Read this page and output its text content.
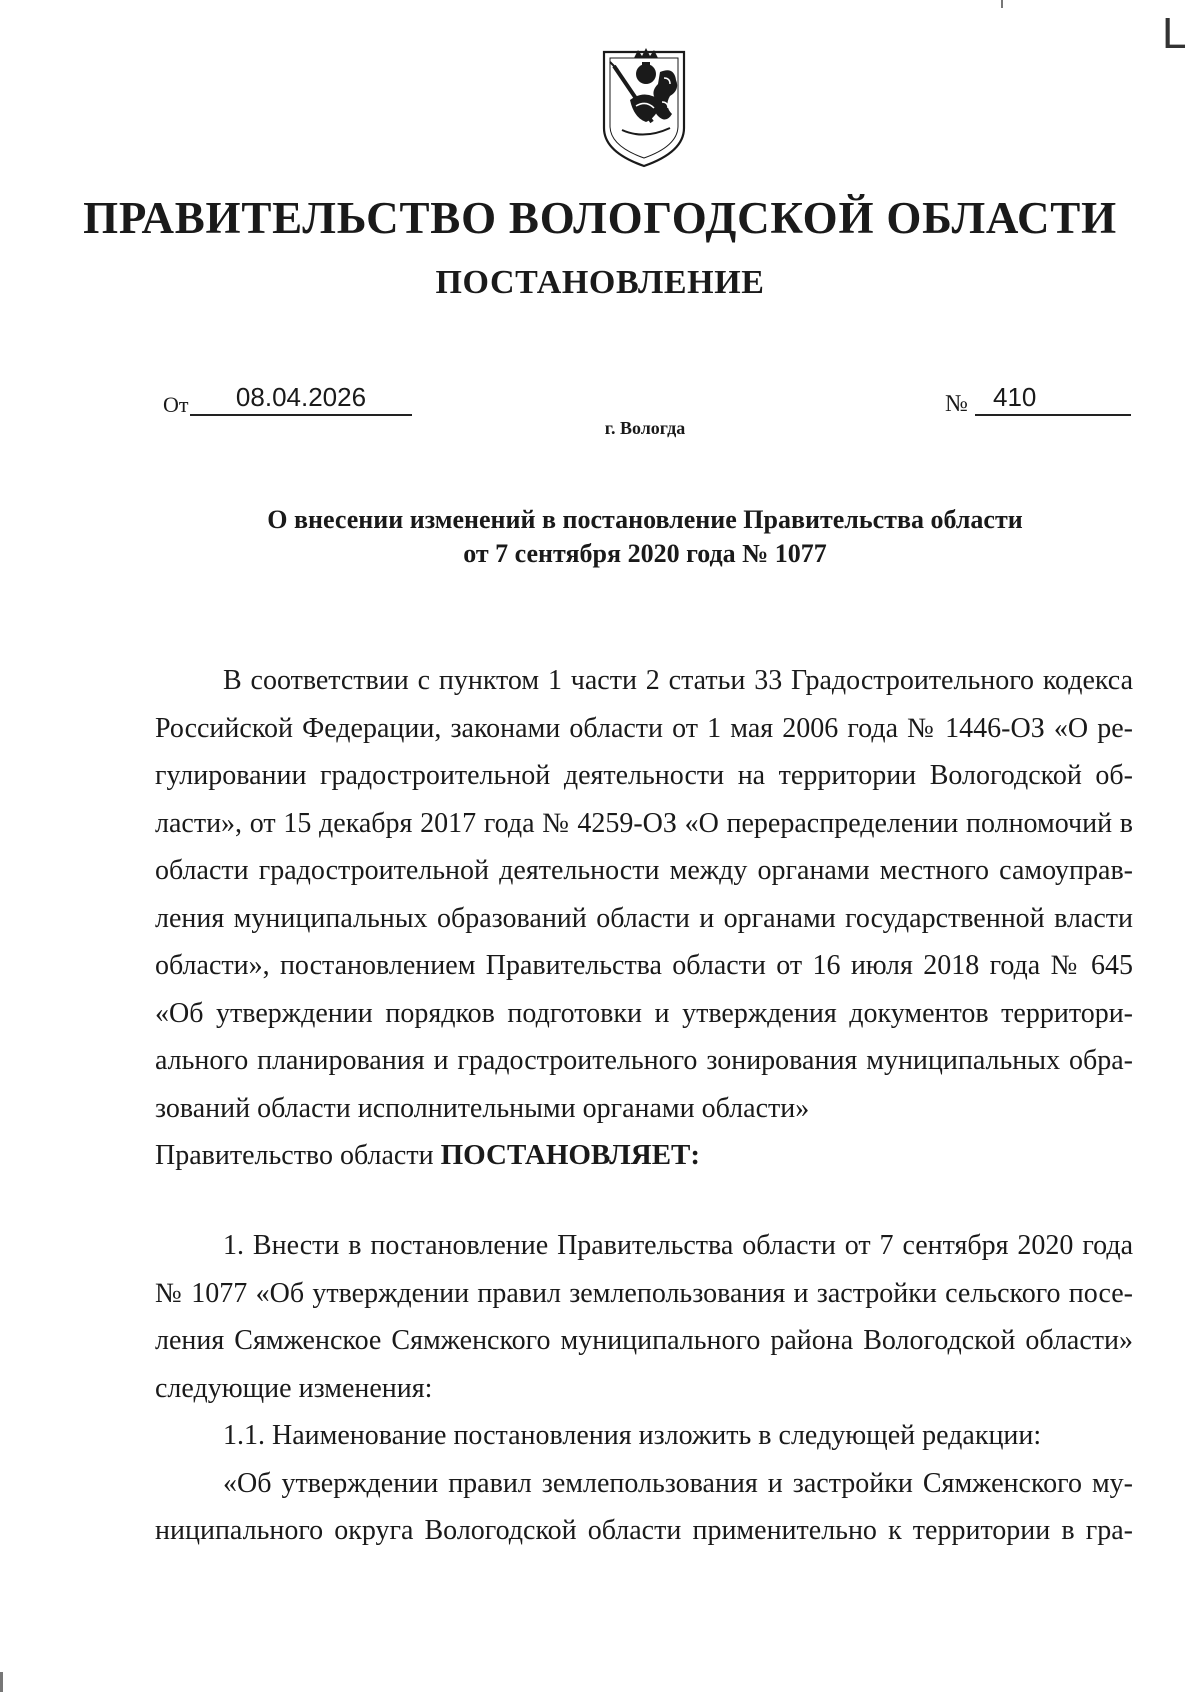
L
ПРАВИТЕЛЬСТВО ВОЛОГОДСКОЙ ОБЛАСТИ
ПОСТАНОВЛЕНИЕ
От	08.04.2026	№ 410
г. Вологда
О внесении изменений в постановление Правительства области
от 7 сентября 2020 года № 1077
В соответствии с пунктом 1 части 2 статьи 33 Градостроительного кодекса
Российской Федерации, законами области от 1 мая 2006 года № 1446-ОЗ «О ре-
гулировании градостроительной деятельности на территории Вологодской об-
ласти», от 15 декабря 2017 года № 4259-ОЗ «О перераспределении полномочий в
области градостроительной деятельности между органами местного самоуправ-
ления муниципальных образований области и органами государственной власти
области», постановлением Правительства области от 16 июля 2018 года № 645
«Об утверждении порядков подготовки и утверждения документов территори-
ального планирования и градостроительного зонирования муниципальных обра-
зований области исполнительными органами области»
Правительство области ПОСТАНОВЛЯЕТ:
1. Внести в постановление Правительства области от 7 сентября 2020 года
№ 1077 «Об утверждении правил землепользования и застройки сельского посе-
ления Сямженское Сямженского муниципального района Вологодской области»
следующие изменения:
1.1. Наименование постановления изложить в следующей редакции:
«Об утверждении правил землепользования и застройки Сямженского му-
ниципального округа Вологодской области применительно к территории в гра-
